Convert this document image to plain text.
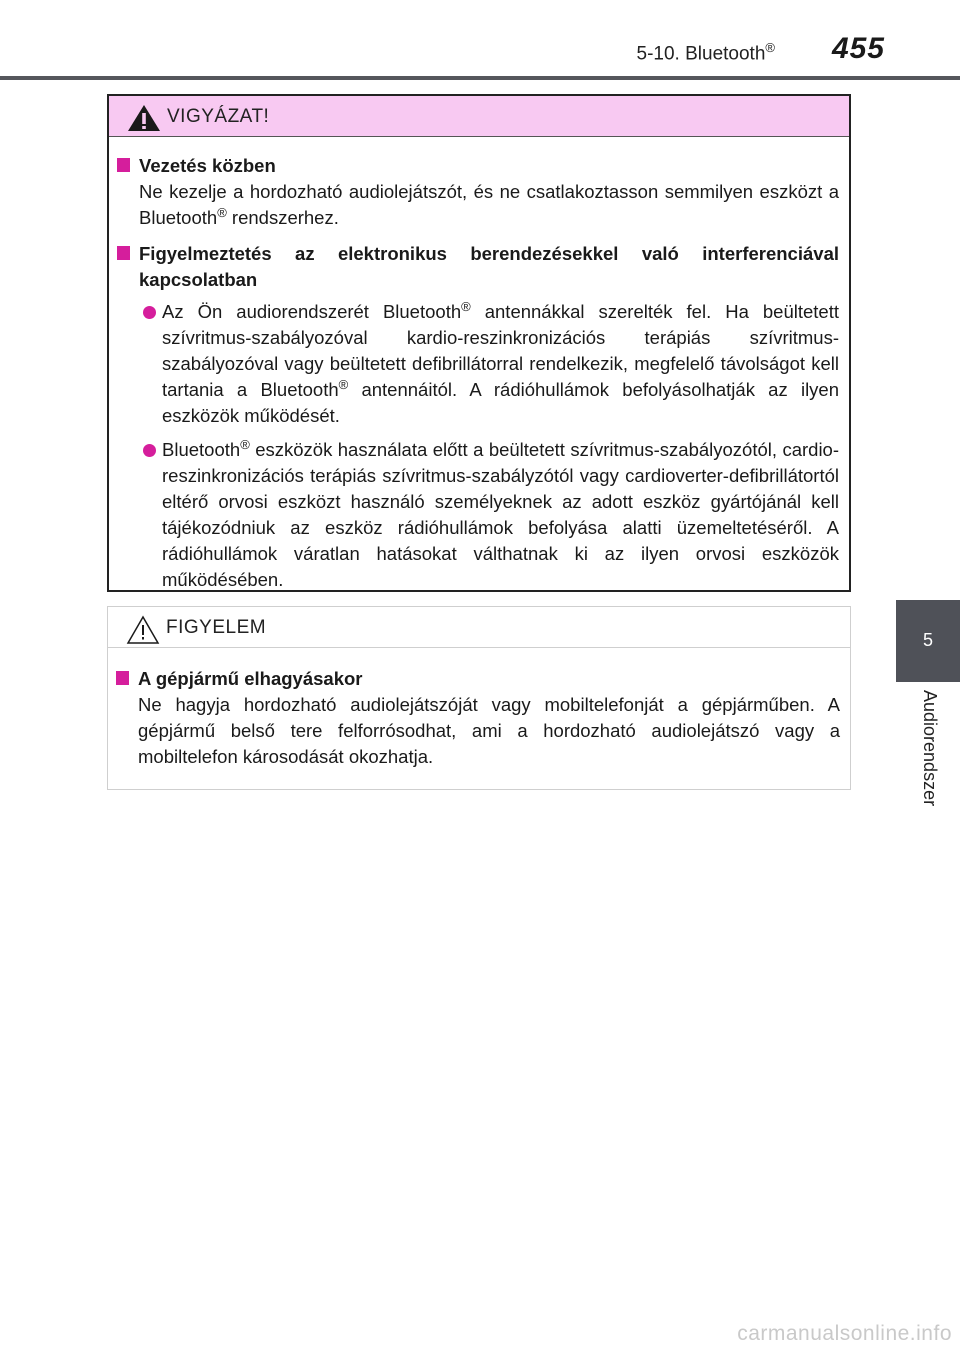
5-10. Bluetooth® 455
5
Audiorendszer
VIGYÁZAT!
Vezetés közben
Ne kezelje a hordozható audiolejátszót, és ne csatlakoztasson semmilyen eszközt a Bluetooth® rendszerhez.
Figyelmeztetés az elektronikus berendezésekkel való interferenciával kapcsolatban
Az Ön audiorendszerét Bluetooth® antennákkal szerelték fel. Ha beültetett szívritmus-szabályozóval kardio-reszinkronizációs terápiás szívritmus-szabályozóval vagy beültetett defibrillátorral rendelkezik, megfelelő távolságot kell tartania a Bluetooth® antennáitól. A rádióhullámok befolyásolhatják az ilyen eszközök működését.
Bluetooth® eszközök használata előtt a beültetett szívritmus-szabályozótól, cardio-reszinkronizációs terápiás szívritmus-szabályzótól vagy cardioverter-defibrillátortól eltérő orvosi eszközt használó személyeknek az adott eszköz gyártójánál kell tájékozódniuk az eszköz rádióhullámok befolyása alatti üzemeltetéséről. A rádióhullámok váratlan hatásokat válthatnak ki az ilyen orvosi eszközök működésében.
FIGYELEM
A gépjármű elhagyásakor
Ne hagyja hordozható audiolejátszóját vagy mobiltelefonját a gépjárműben. A gépjármű belső tere felforrósodhat, ami a hordozható audiolejátszó vagy a mobiltelefon károsodását okozhatja.
carmanualsonline.info
